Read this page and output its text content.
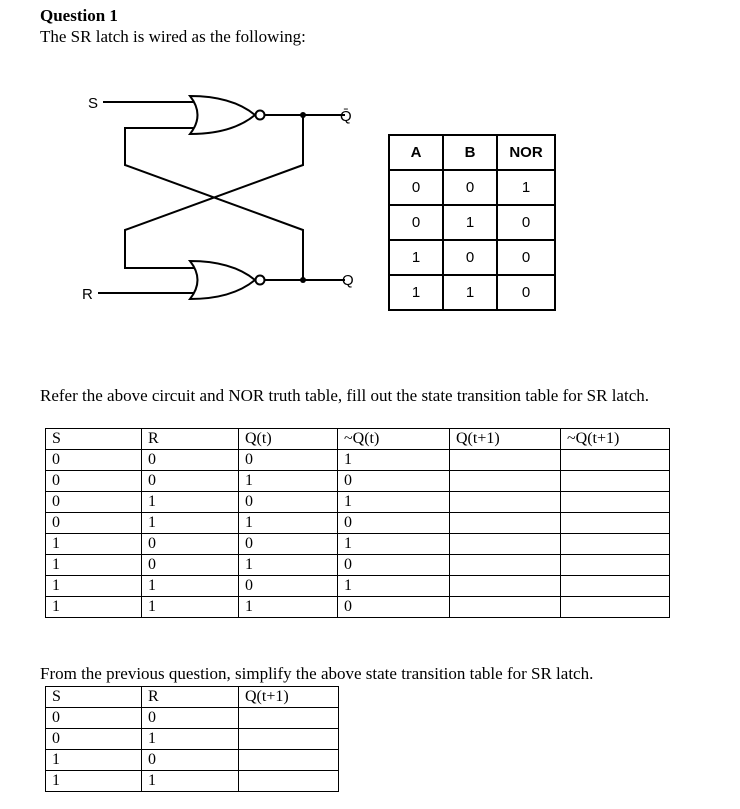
Question 1
The SR latch is wired as the following:
S
R
Q̄
Q
A	B	NOR
0	0	1
0	1	0
1	0	0
1	1	0
Refer the above circuit and NOR truth table, fill out the state transition table for SR latch.
S	R	Q(t)	~Q(t)	Q(t+1)	~Q(t+1)
0	0	0	1		
0	0	1	0		
0	1	0	1		
0	1	1	0		
1	0	0	1		
1	0	1	0		
1	1	0	1		
1	1	1	0		
From the previous question, simplify the above state transition table for SR latch.
S	R	Q(t+1)
0	0	
0	1	
1	0	
1	1	
